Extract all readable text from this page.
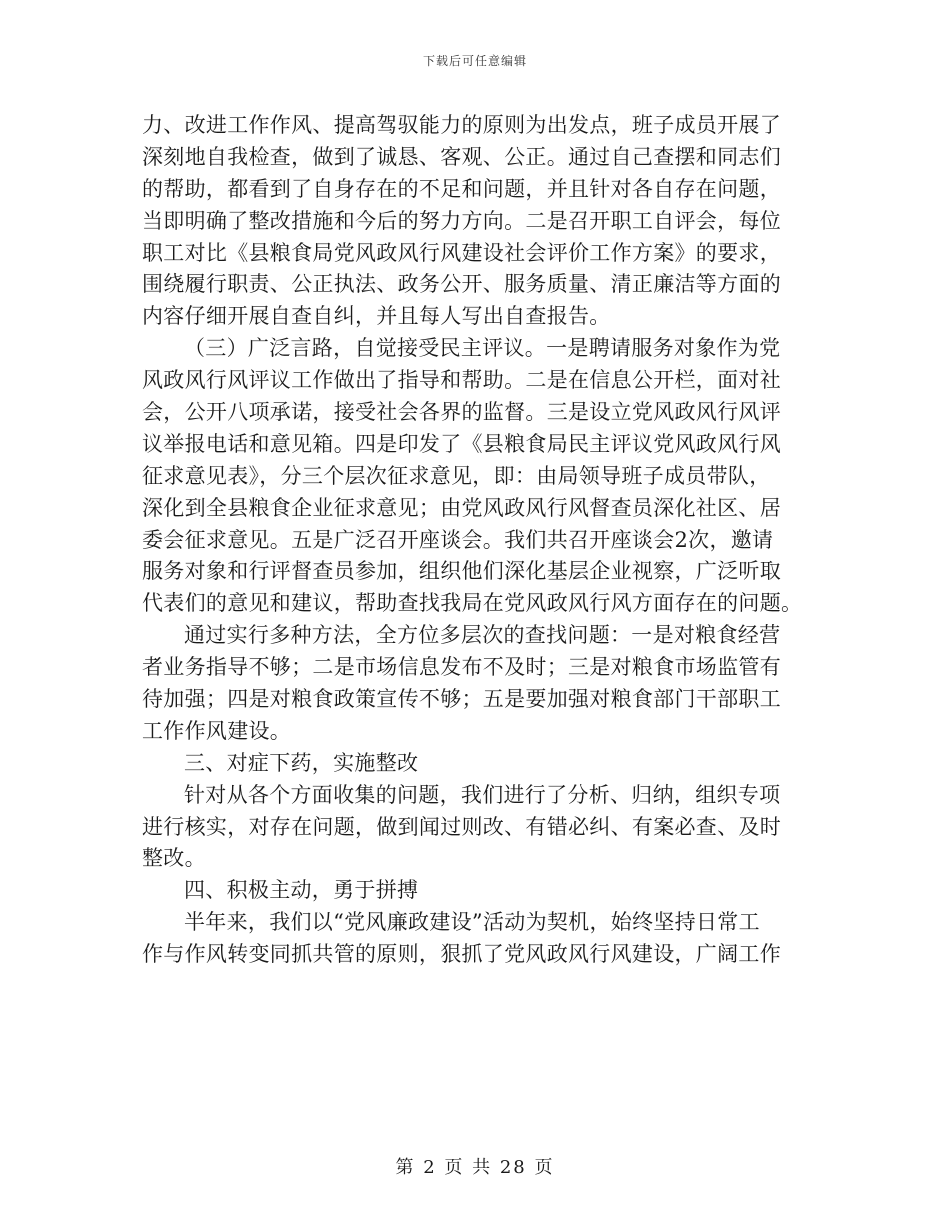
下载后可任意编辑
力、改进工作作风、提高驾驭能力的原则为出发点，班子成员开展了
深刻地自我检查，做到了诚恳、客观、公正。通过自己查摆和同志们
的帮助，都看到了自身存在的不足和问题，并且针对各自存在问题，
当即明确了整改措施和今后的努力方向。二是召开职工自评会，每位
职工对比《县粮食局党风政风行风建设社会评价工作方案》的要求，
围绕履行职责、公正执法、政务公开、服务质量、清正廉洁等方面的
内容仔细开展自查自纠，并且每人写出自查报告。
（三）广泛言路，自觉接受民主评议。一是聘请服务对象作为党
风政风行风评议工作做出了指导和帮助。二是在信息公开栏，面对社
会，公开八项承诺，接受社会各界的监督。三是设立党风政风行风评
议举报电话和意见箱。四是印发了《县粮食局民主评议党风政风行风
征求意见表》，分三个层次征求意见，即：由局领导班子成员带队，
深化到全县粮食企业征求意见；由党风政风行风督查员深化社区、居
委会征求意见。五是广泛召开座谈会。我们共召开座谈会2次，邀请
服务对象和行评督查员参加，组织他们深化基层企业视察，广泛听取
代表们的意见和建议，帮助查找我局在党风政风行风方面存在的问题。
通过实行多种方法，全方位多层次的查找问题：一是对粮食经营
者业务指导不够；二是市场信息发布不及时；三是对粮食市场监管有
待加强；四是对粮食政策宣传不够；五是要加强对粮食部门干部职工
工作作风建设。
三、对症下药，实施整改
针对从各个方面收集的问题，我们进行了分析、归纳，组织专项
进行核实，对存在问题，做到闻过则改、有错必纠、有案必查、及时
整改。
四、积极主动，勇于拼搏
半年来，我们以“党风廉政建设”活动为契机，始终坚持日常工
作与作风转变同抓共管的原则，狠抓了党风政风行风建设，广阔工作
第 2 页 共 28 页
